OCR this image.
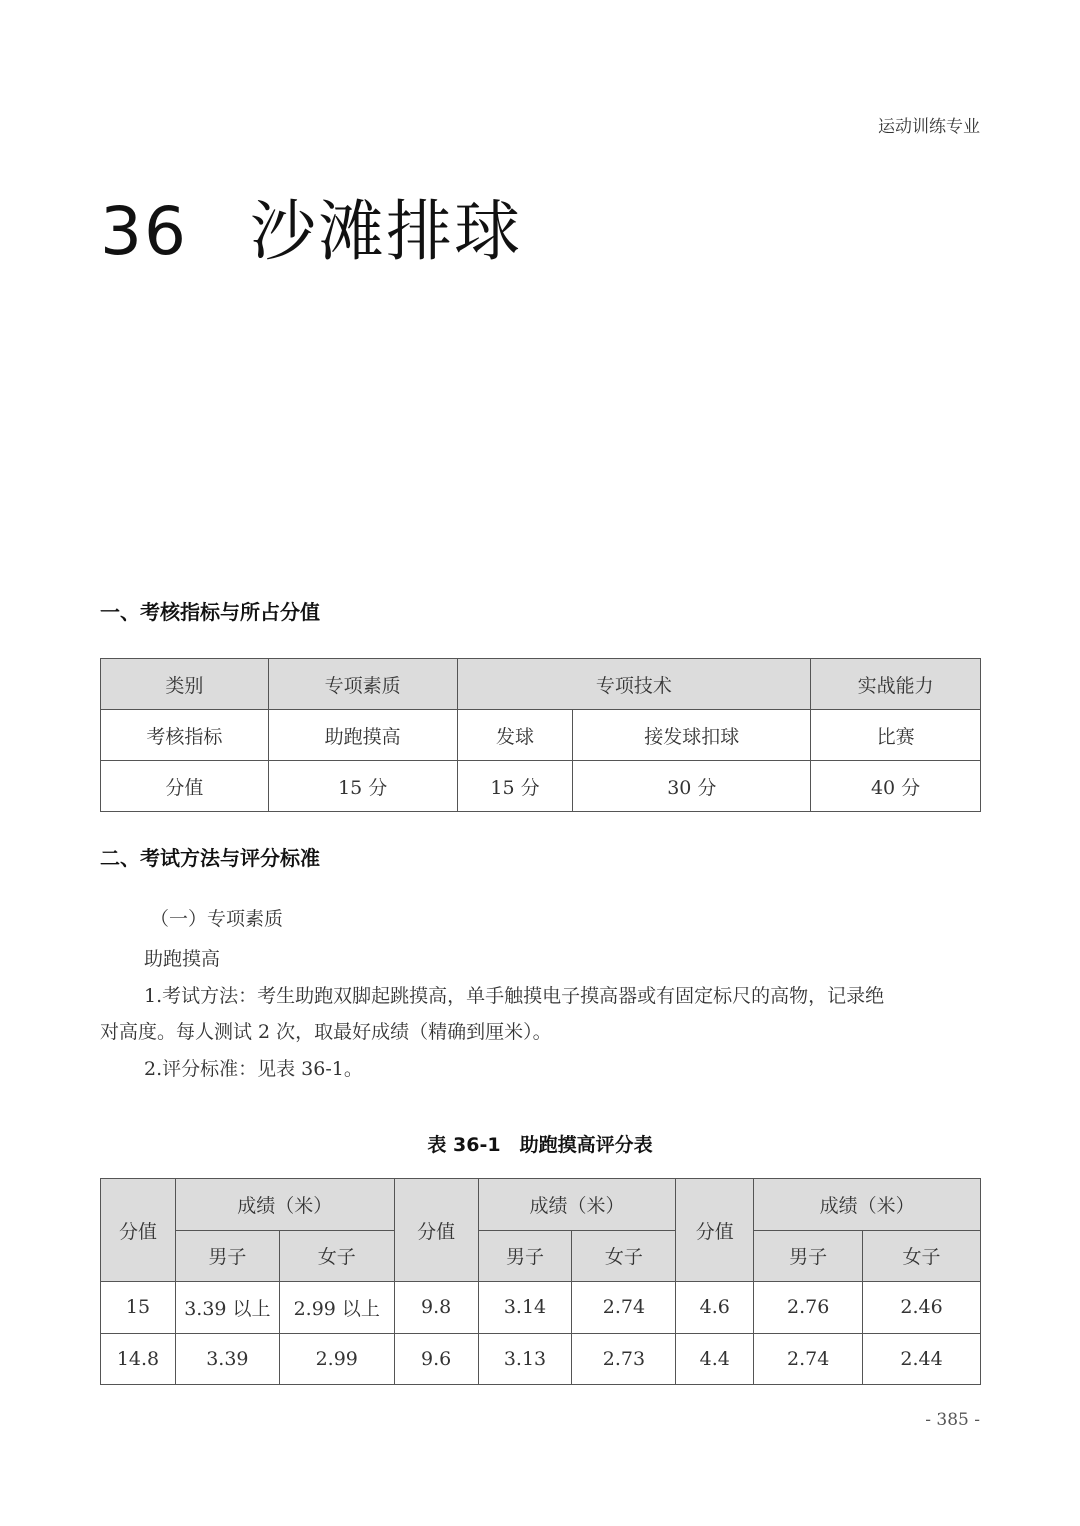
运动训练专业
36 沙滩排球
一、考核指标与所占分值
类别	专项素质	专项技术		实战能力
考核指标	助跑摸高	发球	接发球扣球	比赛
分值	15 分	15 分	30 分	40 分
二、考试方法与评分标准
（一）专项素质
助跑摸高
1.考试方法：考生助跑双脚起跳摸高，单手触摸电子摸高器或有固定标尺的高物，记录绝
对高度。每人测试 2 次，取最好成绩（精确到厘米）。
2.评分标准：见表 36-1。
表 36-1　助跑摸高评分表
分值	成绩（米）		分值	成绩（米）		分值	成绩（米）	
	男子	女子		男子	女子		男子	女子
15	3.39 以上	2.99 以上	9.8	3.14	2.74	4.6	2.76	2.46
14.8	3.39	2.99	9.6	3.13	2.73	4.4	2.74	2.44
- 385 -
